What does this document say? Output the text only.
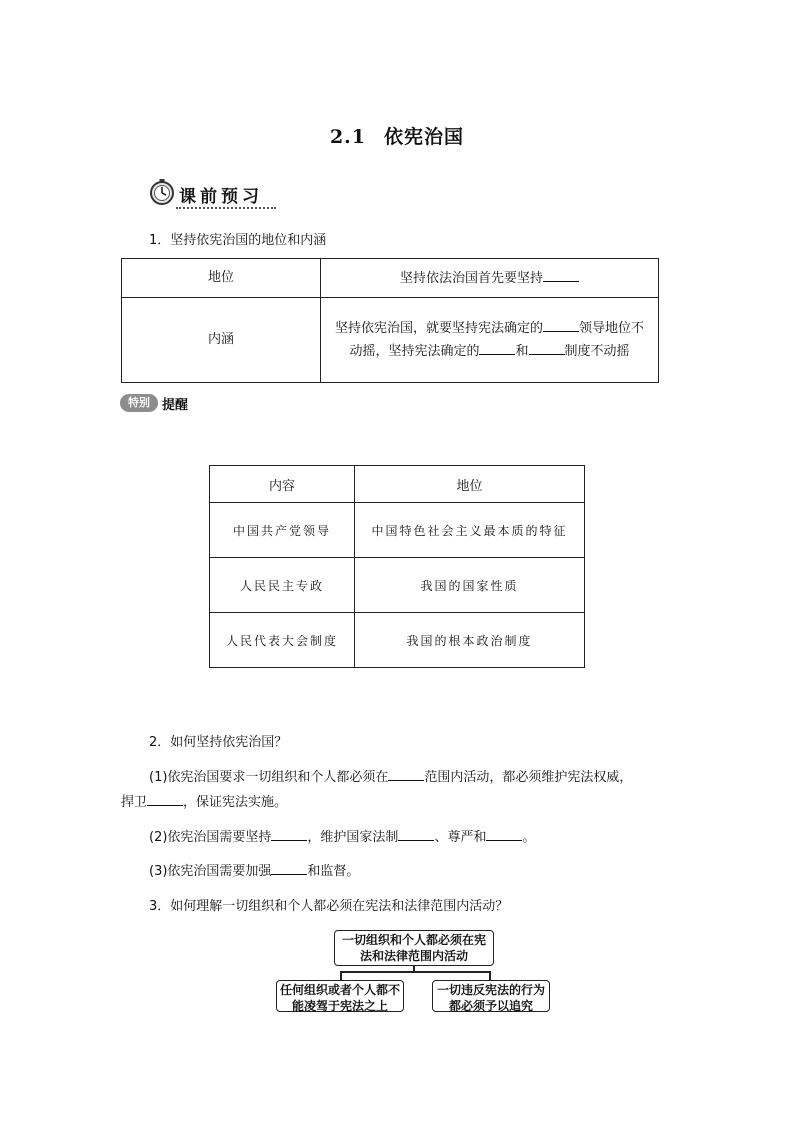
2.1 依宪治国
课前预习
1．坚持依宪治国的地位和内涵
地位	坚持依法治国首先要坚持
内涵	坚持依宪治国，就要坚持宪法确定的 领导地位不动摇，坚持宪法确定的 和 制度不动摇
特别 提醒
内容	地位
中国共产党领导	中国特色社会主义最本质的特征
人民民主专政	我国的国家性质
人民代表大会制度	我国的根本政治制度
2．如何坚持依宪治国？
(1)依宪治国要求一切组织和个人都必须在	范围内活动，都必须维护宪法权威，
捍卫	，保证宪法实施。
(2)依宪治国需要坚持	，维护国家法制	、尊严和	。
(3)依宪治国需要加强	和监督。
3．如何理解一切组织和个人都必须在宪法和法律范围内活动？
一切组织和个人都必须在宪法和法律范围内活动
任何组织或者个人都不能凌驾于宪法之上
一切违反宪法的行为都必须予以追究
